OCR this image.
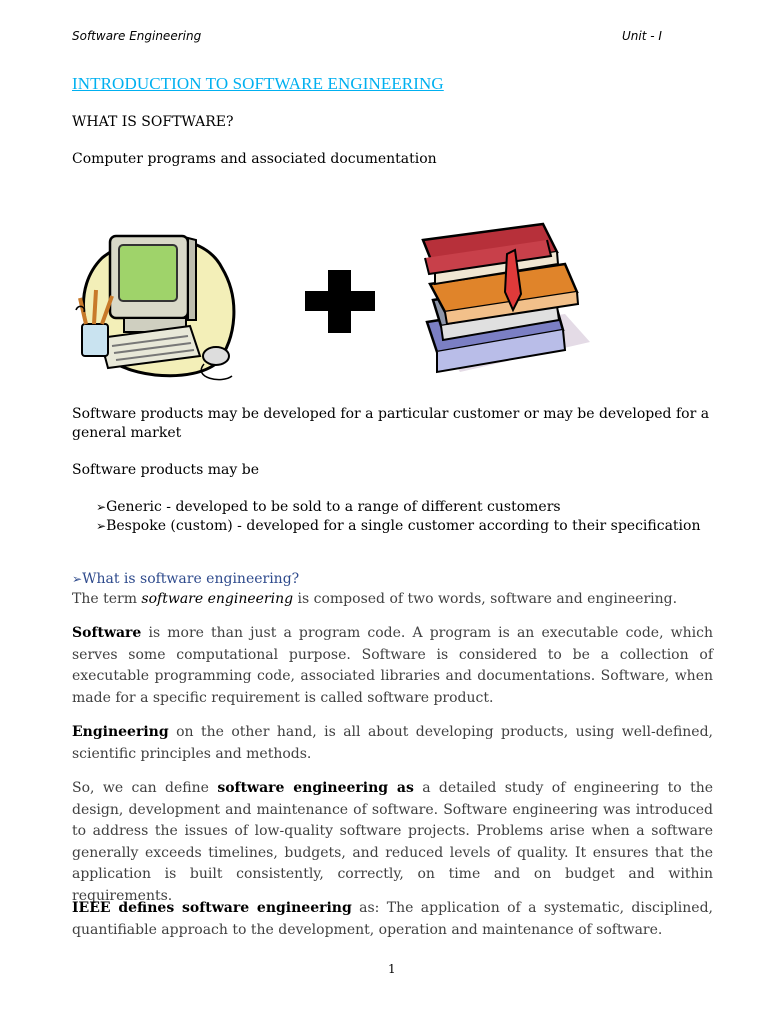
Software Engineering	Unit - I
INTRODUCTION TO SOFTWARE ENGINEERING
WHAT IS SOFTWARE?
Computer programs and associated documentation
Software products may be developed for a particular customer or may be developed for a general market
Software products may be
➢Generic - developed to be sold to a range of different customers
➢Bespoke (custom) - developed for a single customer according to their specification
➢What is software engineering?
The term software engineering is composed of two words, software and engineering.
Software is more than just a program code. A program is an executable code, which serves some computational purpose. Software is considered to be a collection of executable programming code, associated libraries and documentations. Software, when made for a specific requirement is called software product.
Engineering on the other hand, is all about developing products, using well-defined, scientific principles and methods.
So, we can define software engineering as a detailed study of engineering to the design, development and maintenance of software. Software engineering was introduced to address the issues of low-quality software projects. Problems arise when a software generally exceeds timelines, budgets, and reduced levels of quality. It ensures that the application is built consistently, correctly, on time and on budget and within requirements.
IEEE defines software engineering as: The application of a systematic, disciplined, quantifiable approach to the development, operation and maintenance of software.
1
